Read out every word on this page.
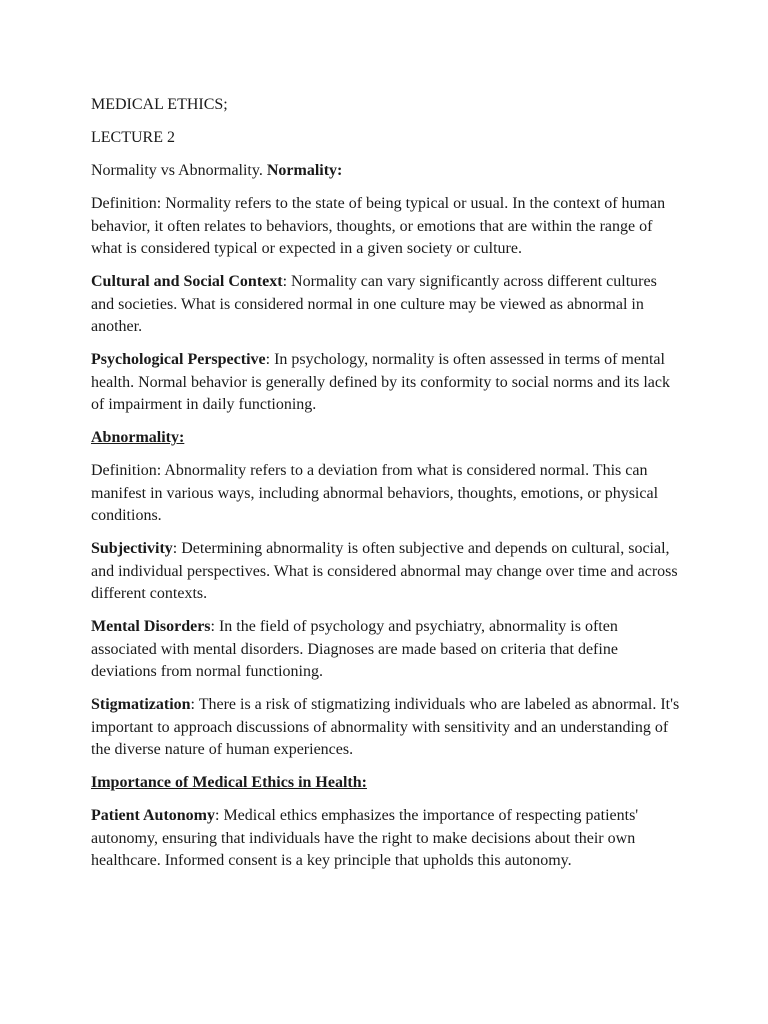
MEDICAL ETHICS;

LECTURE 2

Normality vs Abnormality. Normality:

Definition: Normality refers to the state of being typical or usual. In the context of human behavior, it often relates to behaviors, thoughts, or emotions that are within the range of what is considered typical or expected in a given society or culture.

Cultural and Social Context: Normality can vary significantly across different cultures and societies. What is considered normal in one culture may be viewed as abnormal in another.

Psychological Perspective: In psychology, normality is often assessed in terms of mental health. Normal behavior is generally defined by its conformity to social norms and its lack of impairment in daily functioning.

Abnormality:

Definition: Abnormality refers to a deviation from what is considered normal. This can manifest in various ways, including abnormal behaviors, thoughts, emotions, or physical conditions.

Subjectivity: Determining abnormality is often subjective and depends on cultural, social, and individual perspectives. What is considered abnormal may change over time and across different contexts.

Mental Disorders: In the field of psychology and psychiatry, abnormality is often associated with mental disorders. Diagnoses are made based on criteria that define deviations from normal functioning.

Stigmatization: There is a risk of stigmatizing individuals who are labeled as abnormal. It's important to approach discussions of abnormality with sensitivity and an understanding of the diverse nature of human experiences.

Importance of Medical Ethics in Health:

Patient Autonomy: Medical ethics emphasizes the importance of respecting patients' autonomy, ensuring that individuals have the right to make decisions about their own healthcare. Informed consent is a key principle that upholds this autonomy.
